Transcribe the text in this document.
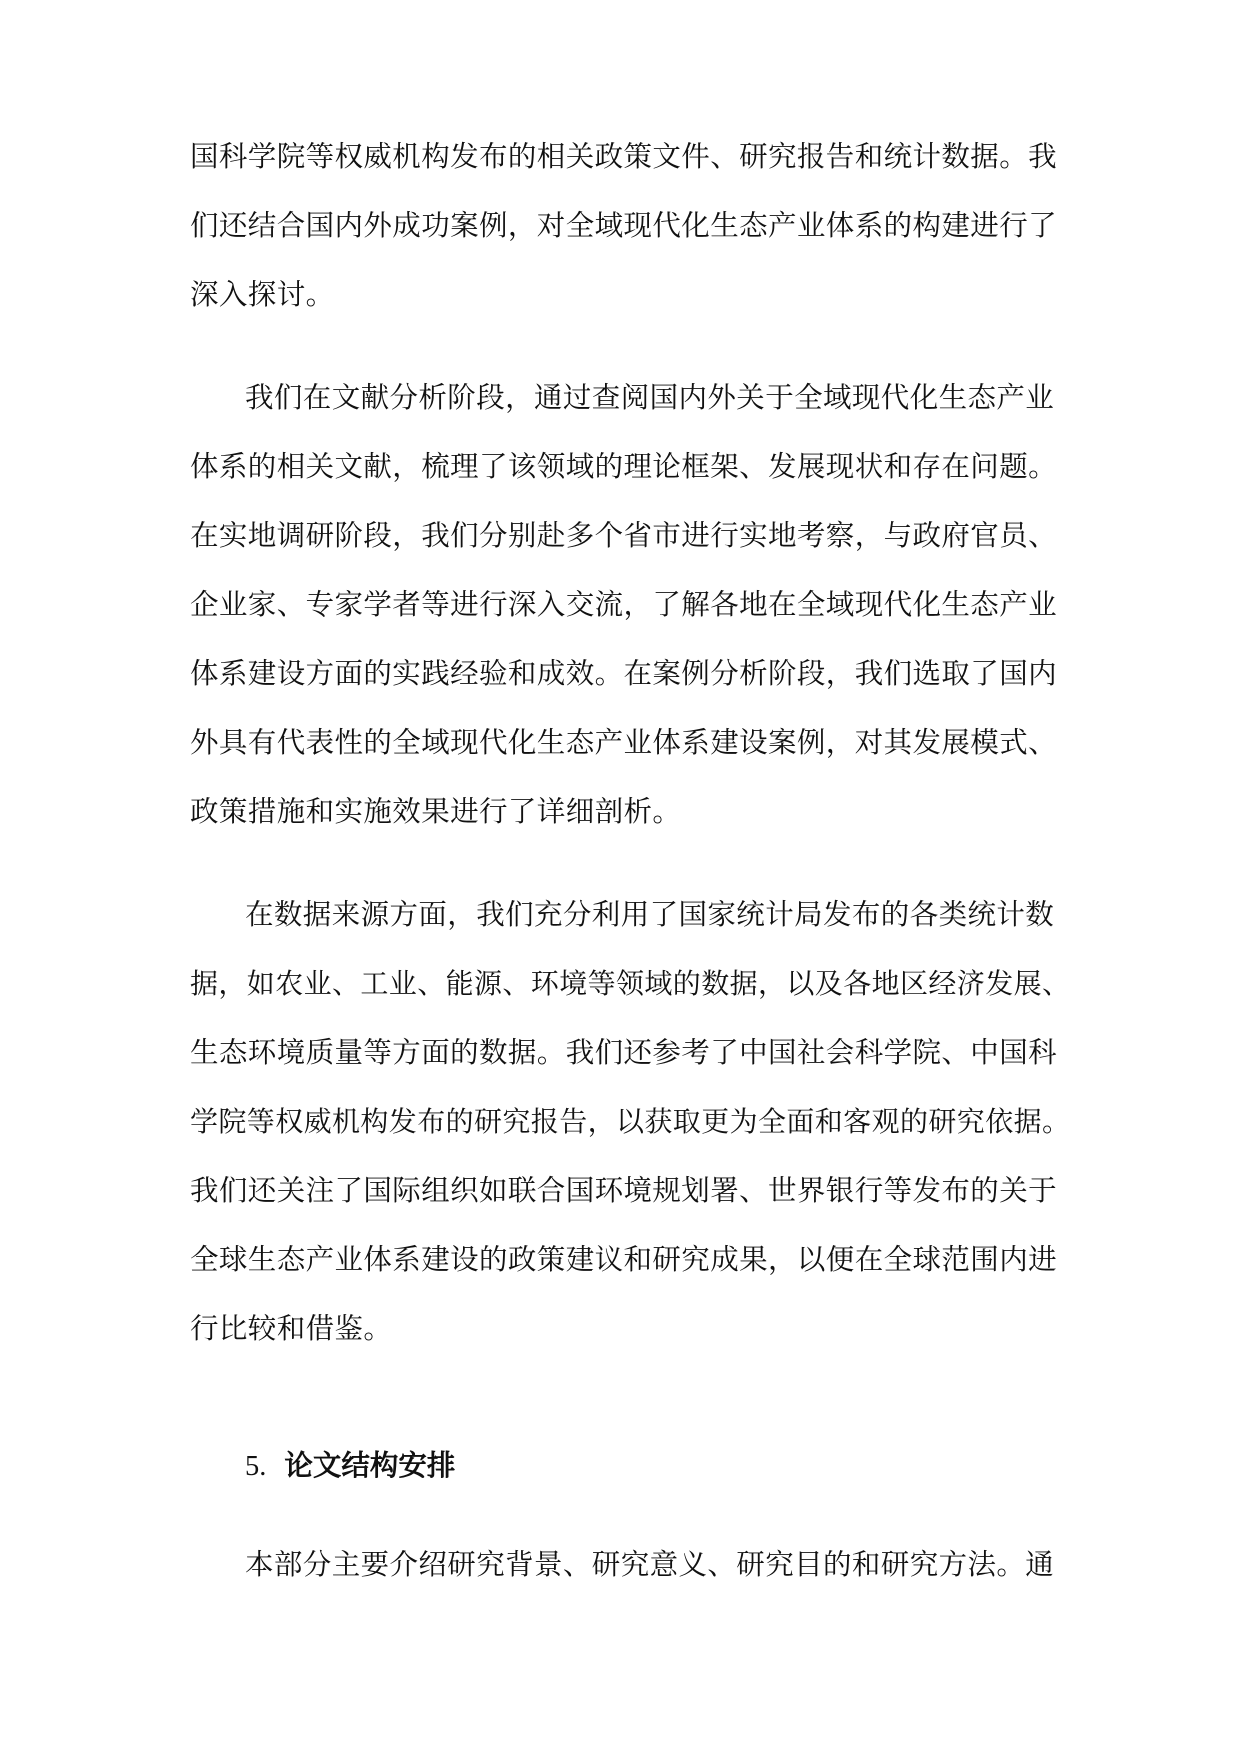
国科学院等权威机构发布的相关政策文件、研究报告和统计数据。我
们还结合国内外成功案例，对全域现代化生态产业体系的构建进行了
深入探讨。
我们在文献分析阶段，通过查阅国内外关于全域现代化生态产业
体系的相关文献，梳理了该领域的理论框架、发展现状和存在问题。
在实地调研阶段，我们分别赴多个省市进行实地考察，与政府官员、
企业家、专家学者等进行深入交流，了解各地在全域现代化生态产业
体系建设方面的实践经验和成效。在案例分析阶段，我们选取了国内
外具有代表性的全域现代化生态产业体系建设案例，对其发展模式、
政策措施和实施效果进行了详细剖析。
在数据来源方面，我们充分利用了国家统计局发布的各类统计数
据，如农业、工业、能源、环境等领域的数据，以及各地区经济发展、
生态环境质量等方面的数据。我们还参考了中国社会科学院、中国科
学院等权威机构发布的研究报告，以获取更为全面和客观的研究依据。
我们还关注了国际组织如联合国环境规划署、世界银行等发布的关于
全球生态产业体系建设的政策建议和研究成果，以便在全球范围内进
行比较和借鉴。
5. 论文结构安排
本部分主要介绍研究背景、研究意义、研究目的和研究方法。通
